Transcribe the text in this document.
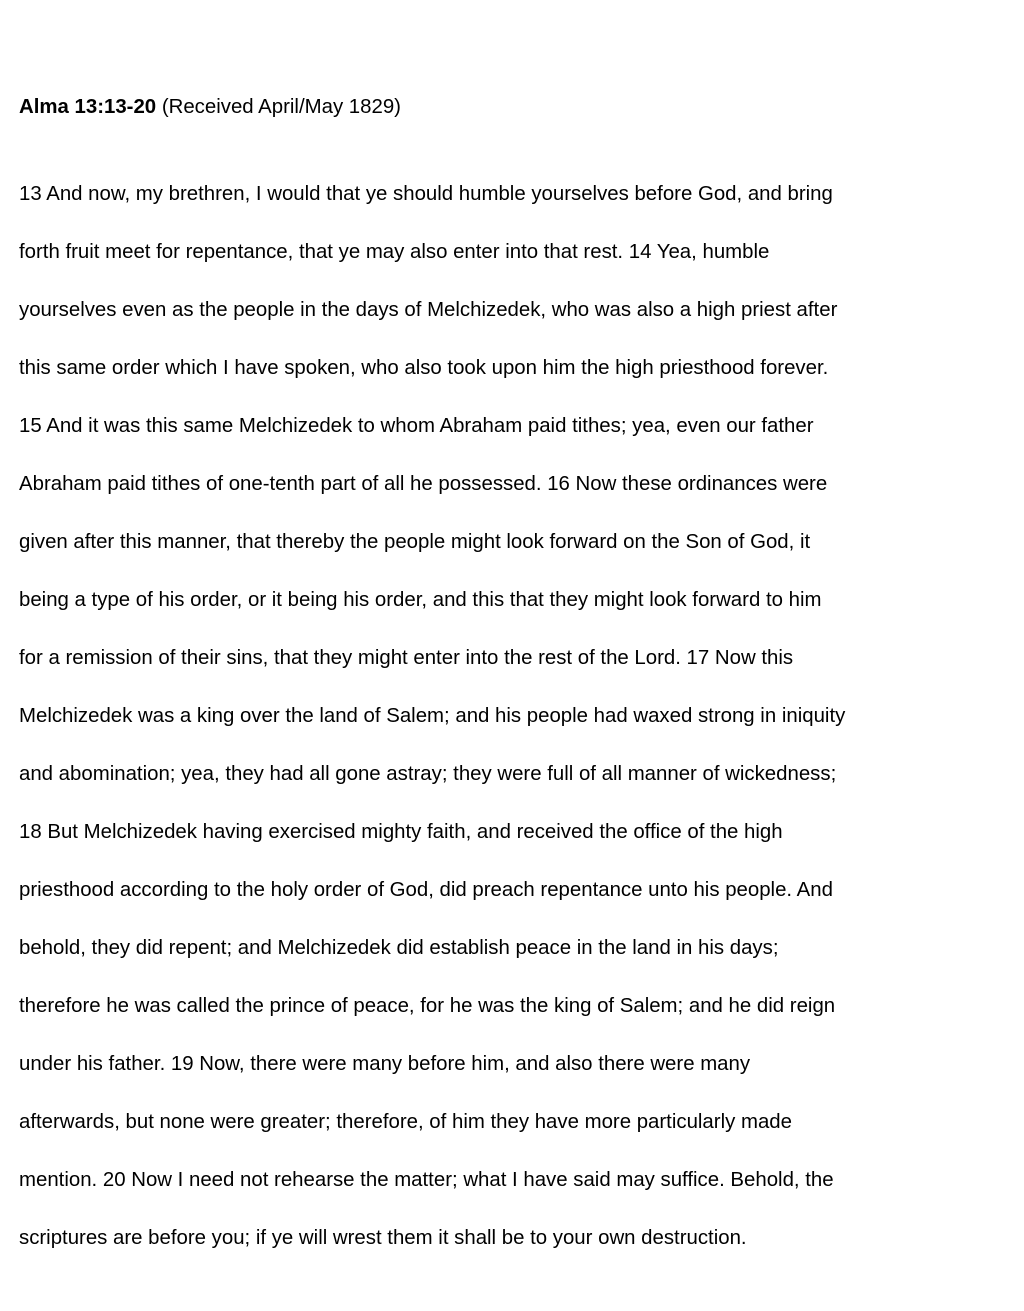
Alma 13:13-20 (Received April/May 1829)

13 And now, my brethren, I would that ye should humble yourselves before God, and bring

forth fruit meet for repentance, that ye may also enter into that rest. 14 Yea, humble

yourselves even as the people in the days of Melchizedek, who was also a high priest after

this same order which I have spoken, who also took upon him the high priesthood forever.

15 And it was this same Melchizedek to whom Abraham paid tithes; yea, even our father

Abraham paid tithes of one-tenth part of all he possessed. 16 Now these ordinances were

given after this manner, that thereby the people might look forward on the Son of God, it

being a type of his order, or it being his order, and this that they might look forward to him

for a remission of their sins, that they might enter into the rest of the Lord. 17 Now this

Melchizedek was a king over the land of Salem; and his people had waxed strong in iniquity

and abomination; yea, they had all gone astray; they were full of all manner of wickedness;

18 But Melchizedek having exercised mighty faith, and received the office of the high

priesthood according to the holy order of God, did preach repentance unto his people. And

behold, they did repent; and Melchizedek did establish peace in the land in his days;

therefore he was called the prince of peace, for he was the king of Salem; and he did reign

under his father. 19 Now, there were many before him, and also there were many

afterwards, but none were greater; therefore, of him they have more particularly made

mention. 20 Now I need not rehearse the matter; what I have said may suffice. Behold, the

scriptures are before you; if ye will wrest them it shall be to your own destruction.
